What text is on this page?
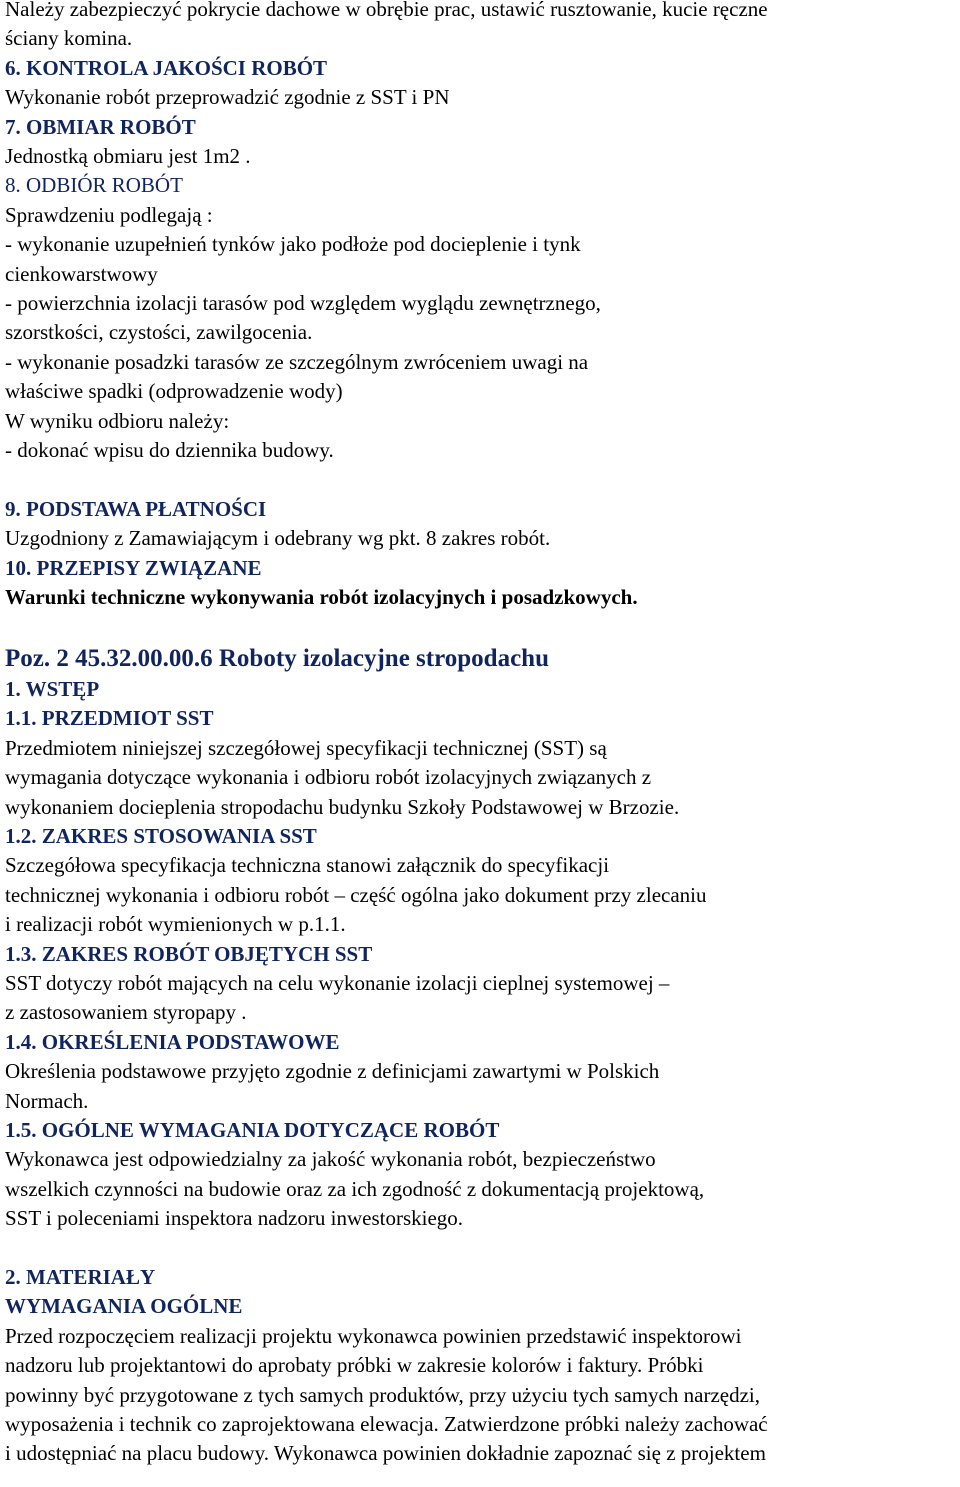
Należy zabezpieczyć pokrycie dachowe w obrębie prac, ustawić rusztowanie, kucie ręczne
ściany komina.
6. KONTROLA JAKOŚCI ROBÓT
Wykonanie robót przeprowadzić zgodnie z SST i PN
7. OBMIAR ROBÓT
Jednostką obmiaru jest 1m2 .
8. ODBIÓR ROBÓT
Sprawdzeniu podlegają :
- wykonanie uzupełnień tynków jako podłoże pod docieplenie i tynk
cienkowarstwowy
- powierzchnia izolacji tarasów pod względem wyglądu zewnętrznego,
szorstkości, czystości, zawilgocenia.
- wykonanie posadzki tarasów ze szczególnym zwróceniem uwagi na
właściwe spadki (odprowadzenie wody)
W wyniku odbioru należy:
- dokonać wpisu do dziennika budowy.
9. PODSTAWA PŁATNOŚCI
Uzgodniony z Zamawiającym i odebrany wg pkt. 8 zakres robót.
10. PRZEPISY ZWIĄZANE
Warunki techniczne wykonywania robót izolacyjnych i posadzkowych.
Poz. 2 45.32.00.00.6 Roboty izolacyjne stropodachu
1. WSTĘP
1.1. PRZEDMIOT SST
Przedmiotem niniejszej szczegółowej specyfikacji technicznej (SST) są
wymagania dotyczące wykonania i odbioru robót izolacyjnych związanych z
wykonaniem docieplenia stropodachu budynku Szkoły Podstawowej w Brzozie.
1.2. ZAKRES STOSOWANIA SST
Szczegółowa specyfikacja techniczna stanowi załącznik do specyfikacji
technicznej wykonania i odbioru robót – część ogólna jako dokument przy zlecaniu
i realizacji robót wymienionych w p.1.1.
1.3. ZAKRES ROBÓT OBJĘTYCH SST
SST dotyczy robót mających na celu wykonanie izolacji cieplnej systemowej –
z zastosowaniem styropapy .
1.4. OKREŚLENIA PODSTAWOWE
Określenia podstawowe przyjęto zgodnie z definicjami zawartymi w Polskich
Normach.
1.5. OGÓLNE WYMAGANIA DOTYCZĄCE ROBÓT
Wykonawca jest odpowiedzialny za jakość wykonania robót, bezpieczeństwo
wszelkich czynności na budowie oraz za ich zgodność z dokumentacją projektową,
SST i poleceniami inspektora nadzoru inwestorskiego.
2. MATERIAŁY
WYMAGANIA OGÓLNE
Przed rozpoczęciem realizacji projektu wykonawca powinien przedstawić inspektorowi
nadzoru lub projektantowi do aprobaty próbki w zakresie kolorów i faktury. Próbki
powinny być przygotowane z tych samych produktów, przy użyciu tych samych narzędzi,
wyposażenia i technik co zaprojektowana elewacja. Zatwierdzone próbki należy zachować
i udostępniać na placu budowy. Wykonawca powinien dokładnie zapoznać się z projektem
